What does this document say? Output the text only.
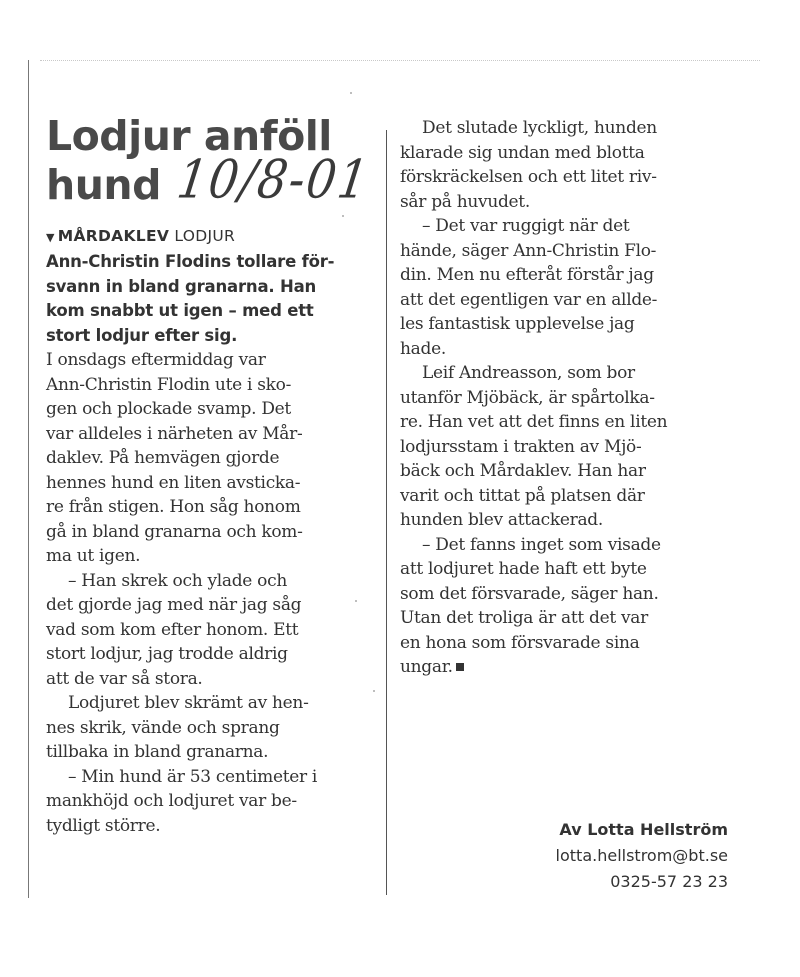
Lodjur anföll
hund
▼ MÅRDAKLEV LODJUR

Ann-Christin Flodins tollare för-
svann in bland granarna. Han
kom snabbt ut igen – med ett
stort lodjur efter sig.

I onsdags eftermiddag var
Ann-Christin Flodin ute i sko-
gen och plockade svamp. Det
var alldeles i närheten av Mår-
daklev. På hemvägen gjorde
hennes hund en liten avsticka-
re från stigen. Hon såg honom
gå in bland granarna och kom-
ma ut igen.

– Han skrek och ylade och
det gjorde jag med när jag såg
vad som kom efter honom. Ett
stort lodjur, jag trodde aldrig
att de var så stora.

Lodjuret blev skrämt av hen-
nes skrik, vände och sprang
tillbaka in bland granarna.

– Min hund är 53 centimeter i
mankhöjd och lodjuret var be-
tydligt större.

10/8-01

Det slutade lyckligt, hunden
klarade sig undan med blotta
förskräckelsen och ett litet riv-
sår på huvudet.

– Det var ruggigt när det
hände, säger Ann-Christin Flo-
din. Men nu efteråt förstår jag
att det egentligen var en allde-
les fantastisk upplevelse jag
hade.

Leif Andreasson, som bor
utanför Mjöbäck, är spårtolka-
re. Han vet att det finns en liten
lodjursstam i trakten av Mjö-
bäck och Mårdaklev. Han har
varit och tittat på platsen där
hunden blev attackerad.

– Det fanns inget som visade
att lodjuret hade haft ett byte
som det försvarade, säger han.
Utan det troliga är att det var
en hona som försvarade sina
ungar.

Av Lotta Hellström
lotta.hellstrom@bt.se
0325-57 23 23
